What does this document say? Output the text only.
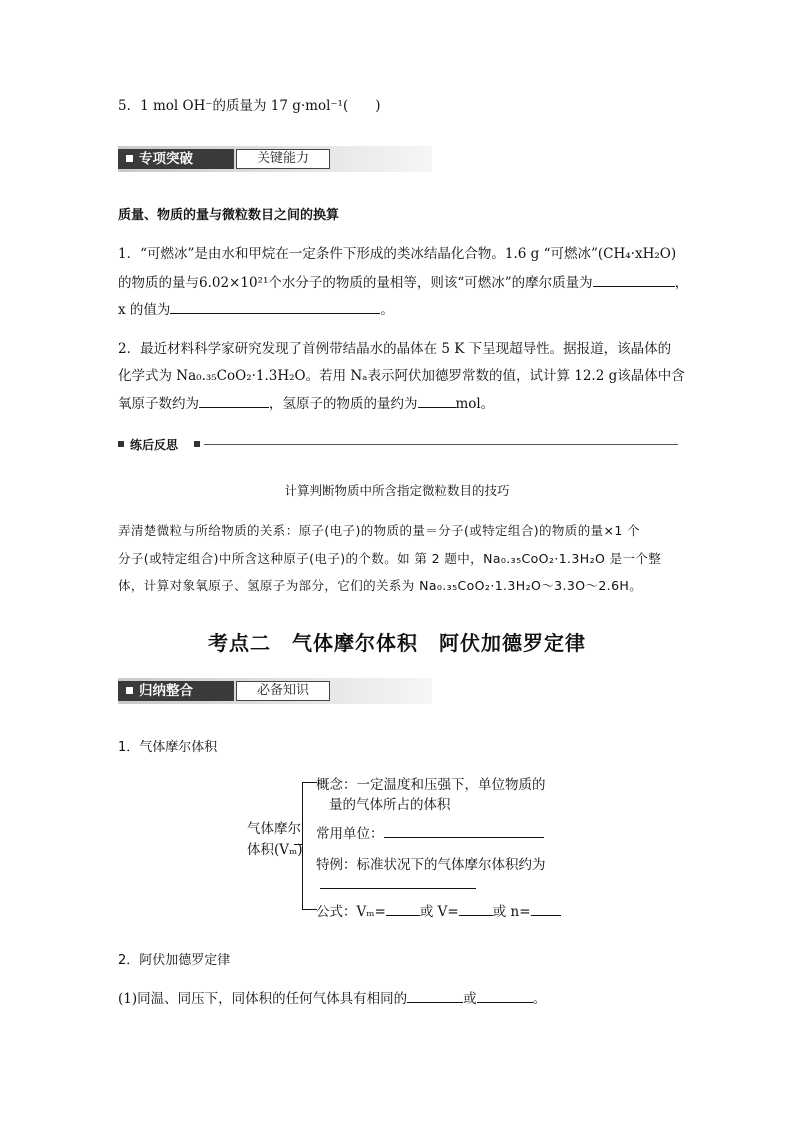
5．1 mol OH⁻的质量为 17 g·mol⁻¹(　　)
专项突破	关键能力
质量、物质的量与微粒数目之间的换算
1．“可燃冰”是由水和甲烷在一定条件下形成的类冰结晶化合物。1.6 g “可燃冰”(CH₄·xH₂O)
的物质的量与6.02×10²¹个水分子的物质的量相等，则该“可燃冰”的摩尔质量为	，
x 的值为	。
2．最近材料科学家研究发现了首例带结晶水的晶体在 5 K 下呈现超导性。据报道，该晶体的
化学式为 Na₀.₃₅CoO₂·1.3H₂O。若用 Nₐ表示阿伏加德罗常数的值，试计算 12.2 g该晶体中含
氧原子数约为	，氢原子的物质的量约为	mol。
练后反思
计算判断物质中所含指定微粒数目的技巧
弄清楚微粒与所给物质的关系：原子(电子)的物质的量＝分子(或特定组合)的物质的量×1 个
分子(或特定组合)中所含这种原子(电子)的个数。如 第 2 题中，Na₀.₃₅CoO₂·1.3H₂O 是一个整
体，计算对象氧原子、氢原子为部分，它们的关系为 Na₀.₃₅CoO₂·1.3H₂O～3.3O～2.6H。
考点二　气体摩尔体积　阿伏加德罗定律
归纳整合	必备知识
1．气体摩尔体积
气体摩尔
体积(Vₘ)
概念：一定温度和压强下，单位物质的
量的气体所占的体积
常用单位：
特例：标准状况下的气体摩尔体积约为
公式：Vₘ=	或 V=	或 n=
2．阿伏加德罗定律
(1)同温、同压下，同体积的任何气体具有相同的	或	。
